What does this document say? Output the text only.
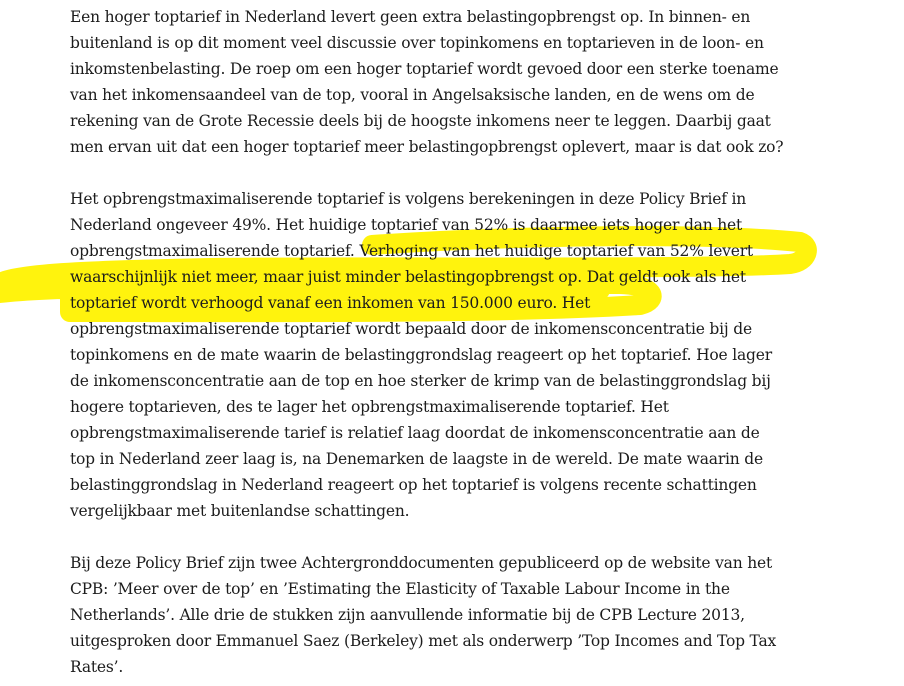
Een hoger toptarief in Nederland levert geen extra belastingopbrengst op. In binnen- en
buitenland is op dit moment veel discussie over topinkomens en toptarieven in de loon- en
inkomstenbelasting. De roep om een hoger toptarief wordt gevoed door een sterke toename
van het inkomensaandeel van de top, vooral in Angelsaksische landen, en de wens om de
rekening van de Grote Recessie deels bij de hoogste inkomens neer te leggen. Daarbij gaat
men ervan uit dat een hoger toptarief meer belastingopbrengst oplevert, maar is dat ook zo?

Het opbrengstmaximaliserende toptarief is volgens berekeningen in deze Policy Brief in
Nederland ongeveer 49%. Het huidige toptarief van 52% is daarmee iets hoger dan het
opbrengstmaximaliserende toptarief. Verhoging van het huidige toptarief van 52% levert
waarschijnlijk niet meer, maar juist minder belastingopbrengst op. Dat geldt ook als het
toptarief wordt verhoogd vanaf een inkomen van 150.000 euro. Het
opbrengstmaximaliserende toptarief wordt bepaald door de inkomensconcentratie bij de
topinkomens en de mate waarin de belastinggrondslag reageert op het toptarief. Hoe lager
de inkomensconcentratie aan de top en hoe sterker de krimp van de belastinggrondslag bij
hogere toptarieven, des te lager het opbrengstmaximaliserende toptarief. Het
opbrengstmaximaliserende tarief is relatief laag doordat de inkomensconcentratie aan de
top in Nederland zeer laag is, na Denemarken de laagste in de wereld. De mate waarin de
belastinggrondslag in Nederland reageert op het toptarief is volgens recente schattingen
vergelijkbaar met buitenlandse schattingen.

Bij deze Policy Brief zijn twee Achtergronddocumenten gepubliceerd op de website van het
CPB: ’Meer over de top’ en ’Estimating the Elasticity of Taxable Labour Income in the
Netherlands’. Alle drie de stukken zijn aanvullende informatie bij de CPB Lecture 2013,
uitgesproken door Emmanuel Saez (Berkeley) met als onderwerp ’Top Incomes and Top Tax
Rates’.
